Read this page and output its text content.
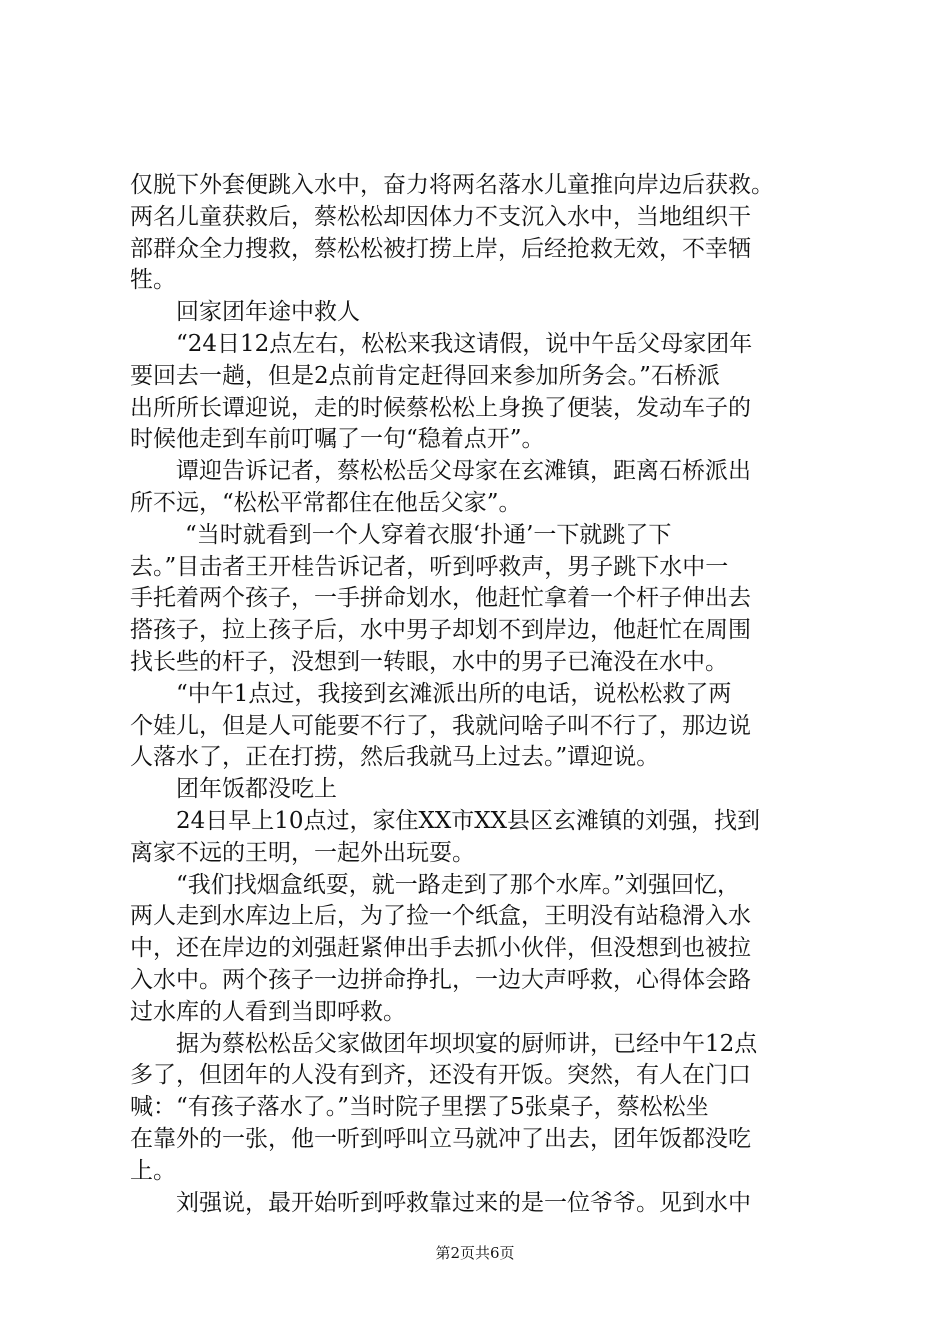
仅脱下外套便跳入水中，奋力将两名落水儿童推向岸边后获救。
两名儿童获救后，蔡松松却因体力不支沉入水中，当地组织干
部群众全力搜救，蔡松松被打捞上岸，后经抢救无效，不幸牺
牲。
回家团年途中救人
“24日12点左右，松松来我这请假，说中午岳父母家团年
要回去一趟，但是2点前肯定赶得回来参加所务会。”石桥派
出所所长谭迎说，走的时候蔡松松上身换了便装，发动车子的
时候他走到车前叮嘱了一句“稳着点开”。
谭迎告诉记者，蔡松松岳父母家在玄滩镇，距离石桥派出
所不远，“松松平常都住在他岳父家”。
“当时就看到一个人穿着衣服‘扑通’一下就跳了下
去。”目击者王开桂告诉记者，听到呼救声，男子跳下水中一
手托着两个孩子，一手拼命划水，他赶忙拿着一个杆子伸出去
搭孩子，拉上孩子后，水中男子却划不到岸边，他赶忙在周围
找长些的杆子，没想到一转眼，水中的男子已淹没在水中。
“中午1点过，我接到玄滩派出所的电话，说松松救了两
个娃儿，但是人可能要不行了，我就问啥子叫不行了，那边说
人落水了，正在打捞，然后我就马上过去。”谭迎说。
团年饭都没吃上
24日早上10点过，家住XX市XX县区玄滩镇的刘强，找到
离家不远的王明，一起外出玩耍。
“我们找烟盒纸耍，就一路走到了那个水库。”刘强回忆，
两人走到水库边上后，为了捡一个纸盒，王明没有站稳滑入水
中，还在岸边的刘强赶紧伸出手去抓小伙伴，但没想到也被拉
入水中。两个孩子一边拼命挣扎，一边大声呼救，心得体会路
过水库的人看到当即呼救。
据为蔡松松岳父家做团年坝坝宴的厨师讲，已经中午12点
多了，但团年的人没有到齐，还没有开饭。突然，有人在门口
喊：“有孩子落水了。”当时院子里摆了5张桌子，蔡松松坐
在靠外的一张，他一听到呼叫立马就冲了出去，团年饭都没吃
上。
刘强说，最开始听到呼救靠过来的是一位爷爷。见到水中
第2页共6页
